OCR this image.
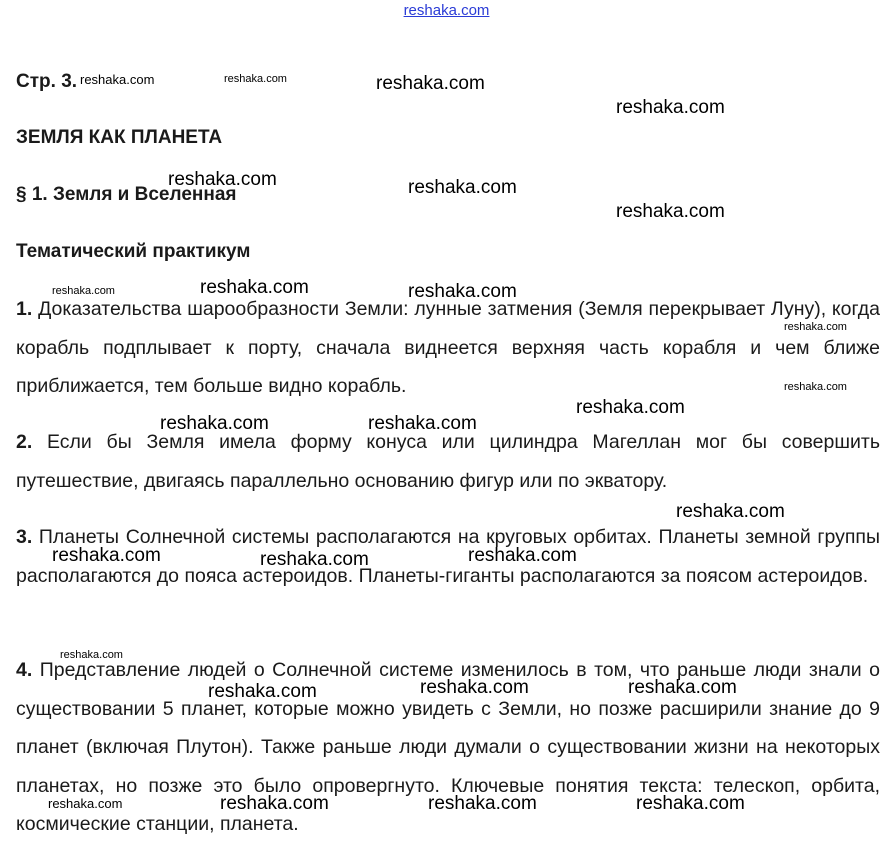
reshaka.com
Стр. 3.
ЗЕМЛЯ КАК ПЛАНЕТА
§ 1. Земля и Вселенная
Тематический практикум
1. Доказательства шарообразности Земли: лунные затмения (Земля перекрывает Луну), когда корабль подплывает к порту, сначала виднеется верхняя часть корабля и чем ближе приближается, тем больше видно корабль.
2. Если бы Земля имела форму конуса или цилиндра Магеллан мог бы совершить путешествие, двигаясь параллельно основанию фигур или по экватору.
3. Планеты Солнечной системы располагаются на круговых орбитах. Планеты земной группы располагаются до пояса астероидов. Планеты-гиганты располагаются за поясом астероидов.
4. Представление людей о Солнечной системе изменилось в том, что раньше люди знали о существовании 5 планет, которые можно увидеть с Земли, но позже расширили знание до 9 планет (включая Плутон). Также раньше люди думали о существовании жизни на некоторых планетах, но позже это было опровергнуто. Ключевые понятия текста: телескоп, орбита, космические станции, планета.
reshaka.com	reshaka.com	reshaka.com
reshaka.com
reshaka.com	reshaka.com
reshaka.com
reshaka.com	reshaka.com	reshaka.com
reshaka.com
reshaka.com
reshaka.com
reshaka.com	reshaka.com
reshaka.com
reshaka.com	reshaka.com
reshaka.com
reshaka.com
reshaka.com	reshaka.com
reshaka.com
reshaka.com	reshaka.com	reshaka.com	reshaka.com
